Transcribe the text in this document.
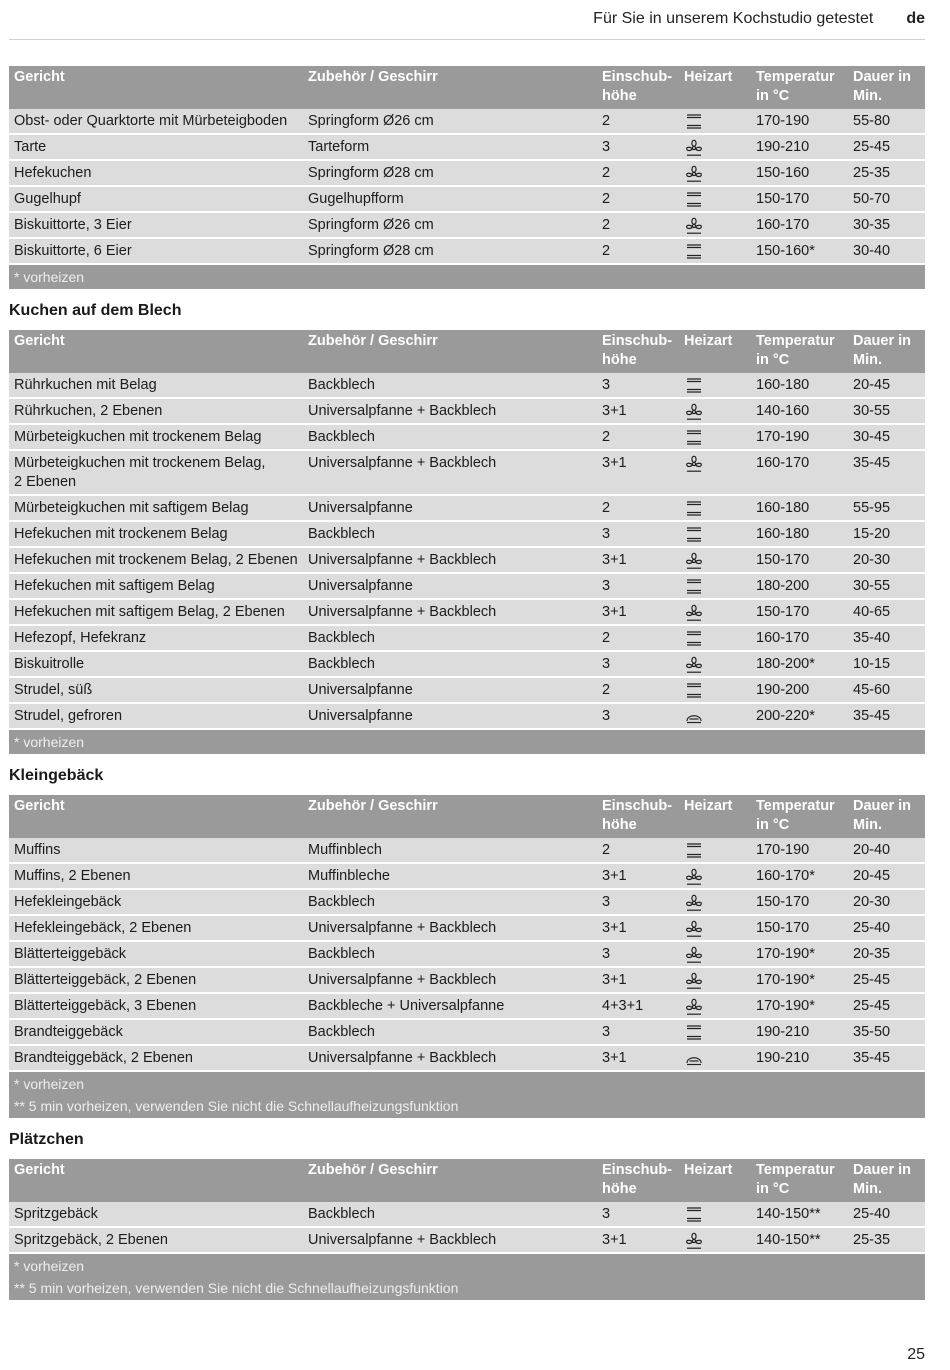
Für Sie in unserem Kochstudio getestet de
Gericht	Zubehör / Geschirr	Einschub-
höhe	Heizart	Temperatur
in °C	Dauer in
Min.
Obst- oder Quarktorte mit Mürbeteigboden	Springform Ø26 cm	2		170-190	55-80
Tarte	Tarteform	3		190-210	25-45
Hefekuchen	Springform Ø28 cm	2		150-160	25-35
Gugelhupf	Gugelhupfform	2		150-170	50-70
Biskuittorte, 3 Eier	Springform Ø26 cm	2		160-170	30-35
Biskuittorte, 6 Eier	Springform Ø28 cm	2		150-160*	30-40
* vorheizen					
Kuchen auf dem Blech
Gericht	Zubehör / Geschirr	Einschub-
höhe	Heizart	Temperatur
in °C	Dauer in
Min.
Rührkuchen mit Belag	Backblech	3		160-180	20-45
Rührkuchen, 2 Ebenen	Universalpfanne + Backblech	3+1		140-160	30-55
Mürbeteigkuchen mit trockenem Belag	Backblech	2		170-190	30-45
Mürbeteigkuchen mit trockenem Belag,
2 Ebenen	Universalpfanne + Backblech	3+1		160-170	35-45
Mürbeteigkuchen mit saftigem Belag	Universalpfanne	2		160-180	55-95
Hefekuchen mit trockenem Belag	Backblech	3		160-180	15-20
Hefekuchen mit trockenem Belag, 2 Ebenen	Universalpfanne + Backblech	3+1		150-170	20-30
Hefekuchen mit saftigem Belag	Universalpfanne	3		180-200	30-55
Hefekuchen mit saftigem Belag, 2 Ebenen	Universalpfanne + Backblech	3+1		150-170	40-65
Hefezopf, Hefekranz	Backblech	2		160-170	35-40
Biskuitrolle	Backblech	3		180-200*	10-15
Strudel, süß	Universalpfanne	2		190-200	45-60
Strudel, gefroren	Universalpfanne	3		200-220*	35-45
* vorheizen					
Kleingebäck
Gericht	Zubehör / Geschirr	Einschub-
höhe	Heizart	Temperatur
in °C	Dauer in
Min.
Muffins	Muffinblech	2		170-190	20-40
Muffins, 2 Ebenen	Muffinbleche	3+1		160-170*	20-45
Hefekleingebäck	Backblech	3		150-170	20-30
Hefekleingebäck, 2 Ebenen	Universalpfanne + Backblech	3+1		150-170	25-40
Blätterteiggebäck	Backblech	3		170-190*	20-35
Blätterteiggebäck, 2 Ebenen	Universalpfanne + Backblech	3+1		170-190*	25-45
Blätterteiggebäck, 3 Ebenen	Backbleche + Universalpfanne	4+3+1		170-190*	25-45
Brandteiggebäck	Backblech	3		190-210	35-50
Brandteiggebäck, 2 Ebenen	Universalpfanne + Backblech	3+1		190-210	35-45
* vorheizen					
** 5 min vorheizen, verwenden Sie nicht die Schnellaufheizungsfunktion					
Plätzchen
Gericht	Zubehör / Geschirr	Einschub-
höhe	Heizart	Temperatur
in °C	Dauer in
Min.
Spritzgebäck	Backblech	3		140-150**	25-40
Spritzgebäck, 2 Ebenen	Universalpfanne + Backblech	3+1		140-150**	25-35
* vorheizen					
** 5 min vorheizen, verwenden Sie nicht die Schnellaufheizungsfunktion					
25
